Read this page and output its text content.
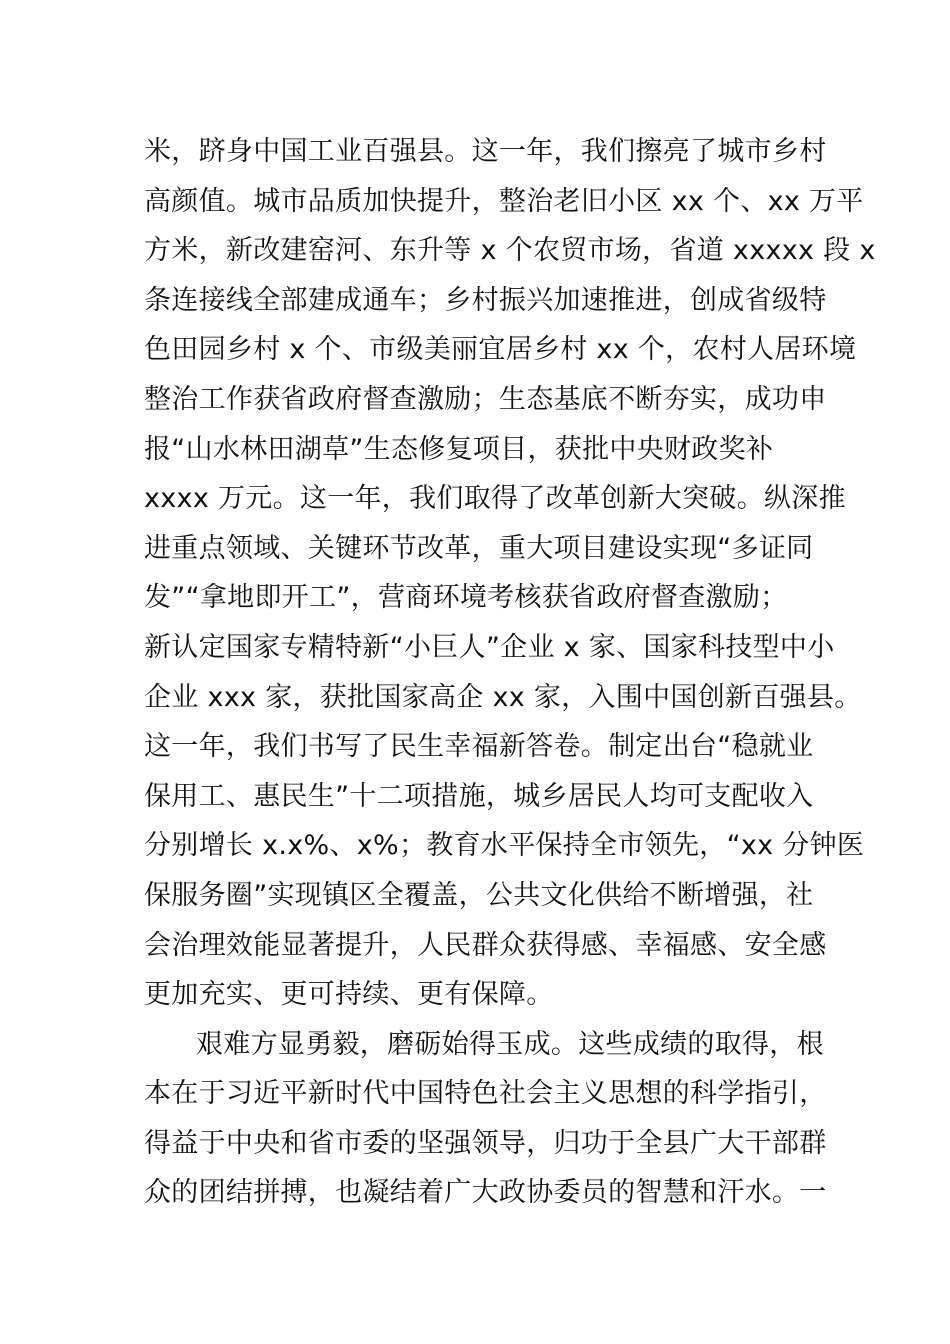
米，跻身中国工业百强县。这一年，我们擦亮了城市乡村
高颜值。城市品质加快提升，整治老旧小区 xx 个、xx 万平
方米，新改建窑河、东升等 x 个农贸市场，省道 xxxxx 段 x
条连接线全部建成通车；乡村振兴加速推进，创成省级特
色田园乡村 x 个、市级美丽宜居乡村 xx 个，农村人居环境
整治工作获省政府督查激励；生态基底不断夯实，成功申
报“山水林田湖草”生态修复项目，获批中央财政奖补
xxxx 万元。这一年，我们取得了改革创新大突破。纵深推
进重点领域、关键环节改革，重大项目建设实现“多证同
发”“拿地即开工”，营商环境考核获省政府督查激励；
新认定国家专精特新“小巨人”企业 x 家、国家科技型中小
企业 xxx 家，获批国家高企 xx 家，入围中国创新百强县。
这一年，我们书写了民生幸福新答卷。制定出台“稳就业
保用工、惠民生”十二项措施，城乡居民人均可支配收入
分别增长 x.x%、x%；教育水平保持全市领先，“xx 分钟医
保服务圈”实现镇区全覆盖，公共文化供给不断增强，社
会治理效能显著提升，人民群众获得感、幸福感、安全感
更加充实、更可持续、更有保障。
艰难方显勇毅，磨砺始得玉成。这些成绩的取得，根
本在于习近平新时代中国特色社会主义思想的科学指引，
得益于中央和省市委的坚强领导，归功于全县广大干部群
众的团结拼搏，也凝结着广大政协委员的智慧和汗水。一
